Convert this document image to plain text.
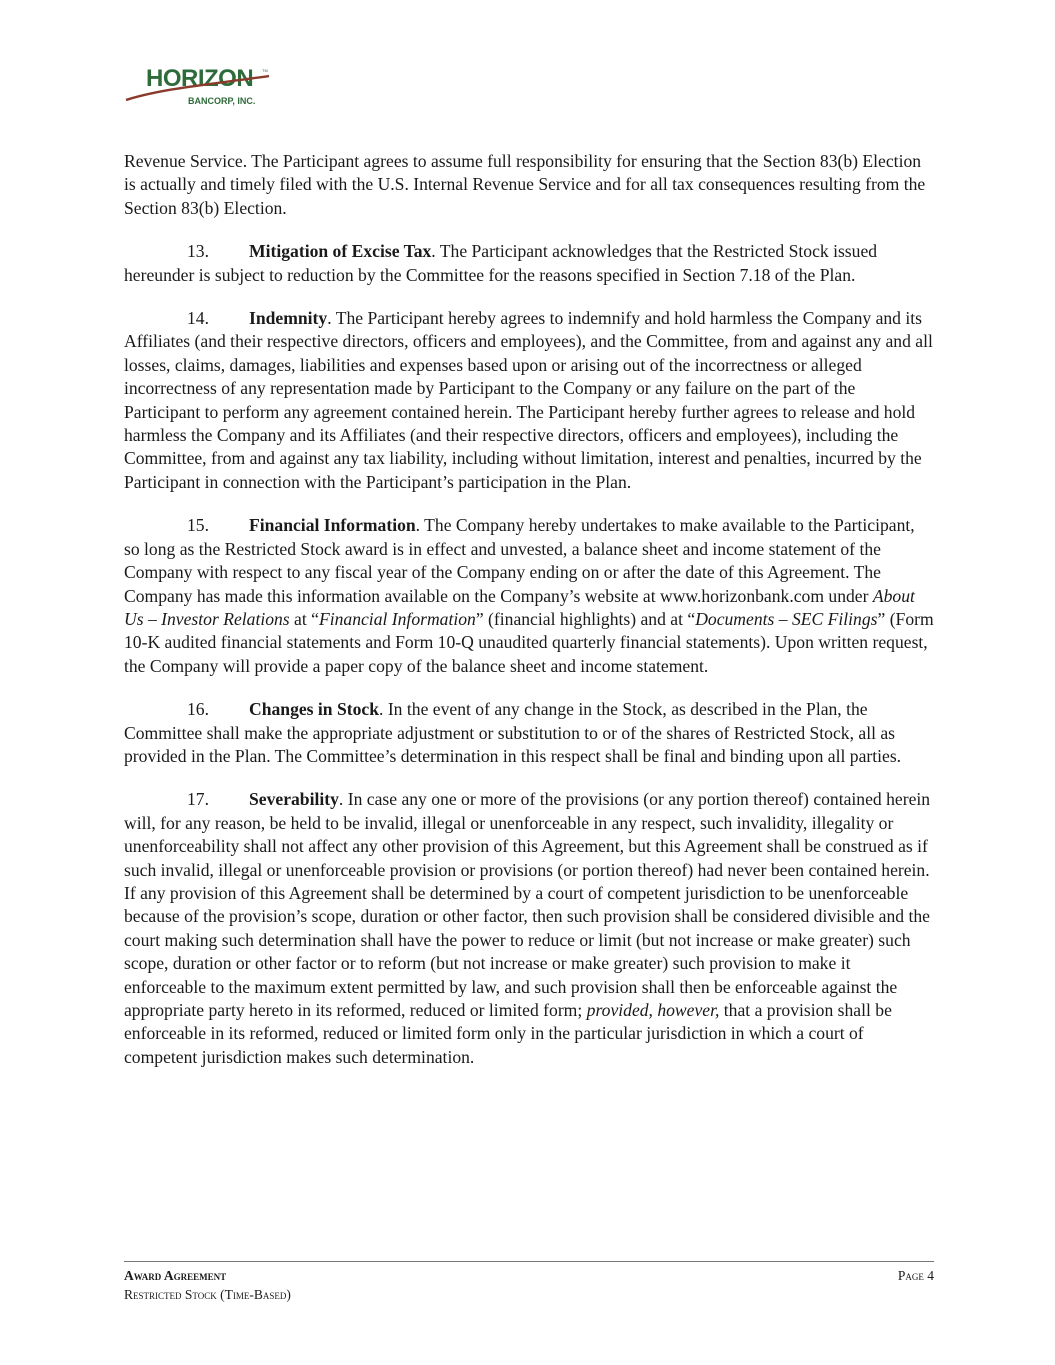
HORIZON TM
BANCORP, INC.

Revenue Service. The Participant agrees to assume full responsibility for ensuring that the Section 83(b) Election is actually and timely filed with the U.S. Internal Revenue Service and for all tax consequences resulting from the Section 83(b) Election.

13. Mitigation of Excise Tax. The Participant acknowledges that the Restricted Stock issued hereunder is subject to reduction by the Committee for the reasons specified in Section 7.18 of the Plan.

14. Indemnity. The Participant hereby agrees to indemnify and hold harmless the Company and its Affiliates (and their respective directors, officers and employees), and the Committee, from and against any and all losses, claims, damages, liabilities and expenses based upon or arising out of the incorrectness or alleged incorrectness of any representation made by Participant to the Company or any failure on the part of the Participant to perform any agreement contained herein. The Participant hereby further agrees to release and hold harmless the Company and its Affiliates (and their respective directors, officers and employees), including the Committee, from and against any tax liability, including without limitation, interest and penalties, incurred by the Participant in connection with the Participant’s participation in the Plan.

15. Financial Information. The Company hereby undertakes to make available to the Participant, so long as the Restricted Stock award is in effect and unvested, a balance sheet and income statement of the Company with respect to any fiscal year of the Company ending on or after the date of this Agreement. The Company has made this information available on the Company’s website at www.horizonbank.com under About Us – Investor Relations at “Financial Information” (financial highlights) and at “Documents – SEC Filings” (Form 10-K audited financial statements and Form 10-Q unaudited quarterly financial statements). Upon written request, the Company will provide a paper copy of the balance sheet and income statement.

16. Changes in Stock. In the event of any change in the Stock, as described in the Plan, the Committee shall make the appropriate adjustment or substitution to or of the shares of Restricted Stock, all as provided in the Plan. The Committee’s determination in this respect shall be final and binding upon all parties.

17. Severability. In case any one or more of the provisions (or any portion thereof) contained herein will, for any reason, be held to be invalid, illegal or unenforceable in any respect, such invalidity, illegality or unenforceability shall not affect any other provision of this Agreement, but this Agreement shall be construed as if such invalid, illegal or unenforceable provision or provisions (or portion thereof) had never been contained herein. If any provision of this Agreement shall be determined by a court of competent jurisdiction to be unenforceable because of the provision’s scope, duration or other factor, then such provision shall be considered divisible and the court making such determination shall have the power to reduce or limit (but not increase or make greater) such scope, duration or other factor or to reform (but not increase or make greater) such provision to make it enforceable to the maximum extent permitted by law, and such provision shall then be enforceable against the appropriate party hereto in its reformed, reduced or limited form; provided, however, that a provision shall be enforceable in its reformed, reduced or limited form only in the particular jurisdiction in which a court of competent jurisdiction makes such determination.

Award Agreement	Page 4
Restricted Stock (Time-Based)
